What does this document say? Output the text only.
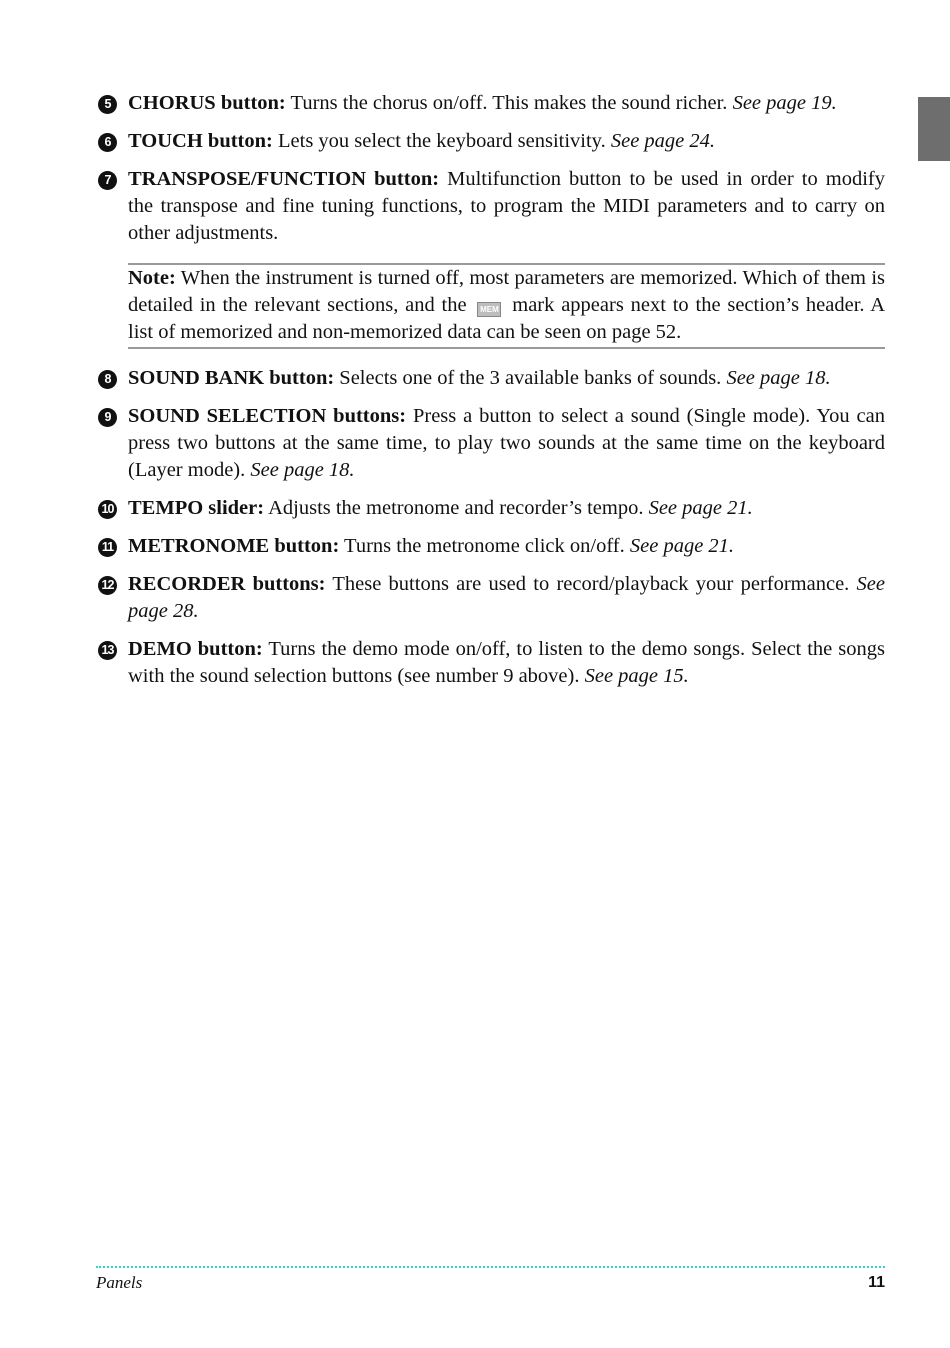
5 CHORUS button: Turns the chorus on/off. This makes the sound richer. See page 19.

6 TOUCH button: Lets you select the keyboard sensitivity. See page 24.

7 TRANSPOSE/FUNCTION button: Multifunction button to be used in order to modify the transpose and fine tuning functions, to program the MIDI parameters and to carry on other adjustments.

Note: When the instrument is turned off, most parameters are memorized. Which of them is detailed in the relevant sections, and the MEM mark appears next to the section’s header. A list of memorized and non-memorized data can be seen on page 52.

8 SOUND BANK button: Selects one of the 3 available banks of sounds. See page 18.

9 SOUND SELECTION buttons: Press a button to select a sound (Single mode). You can press two buttons at the same time, to play two sounds at the same time on the keyboard (Layer mode). See page 18.

10 TEMPO slider: Adjusts the metronome and recorder’s tempo. See page 21.

11 METRONOME button: Turns the metronome click on/off. See page 21.

12 RECORDER buttons: These buttons are used to record/playback your performance. See page 28.

13 DEMO button: Turns the demo mode on/off, to listen to the demo songs. Select the songs with the sound selection buttons (see number 9 above). See page 15.

Panels	11
